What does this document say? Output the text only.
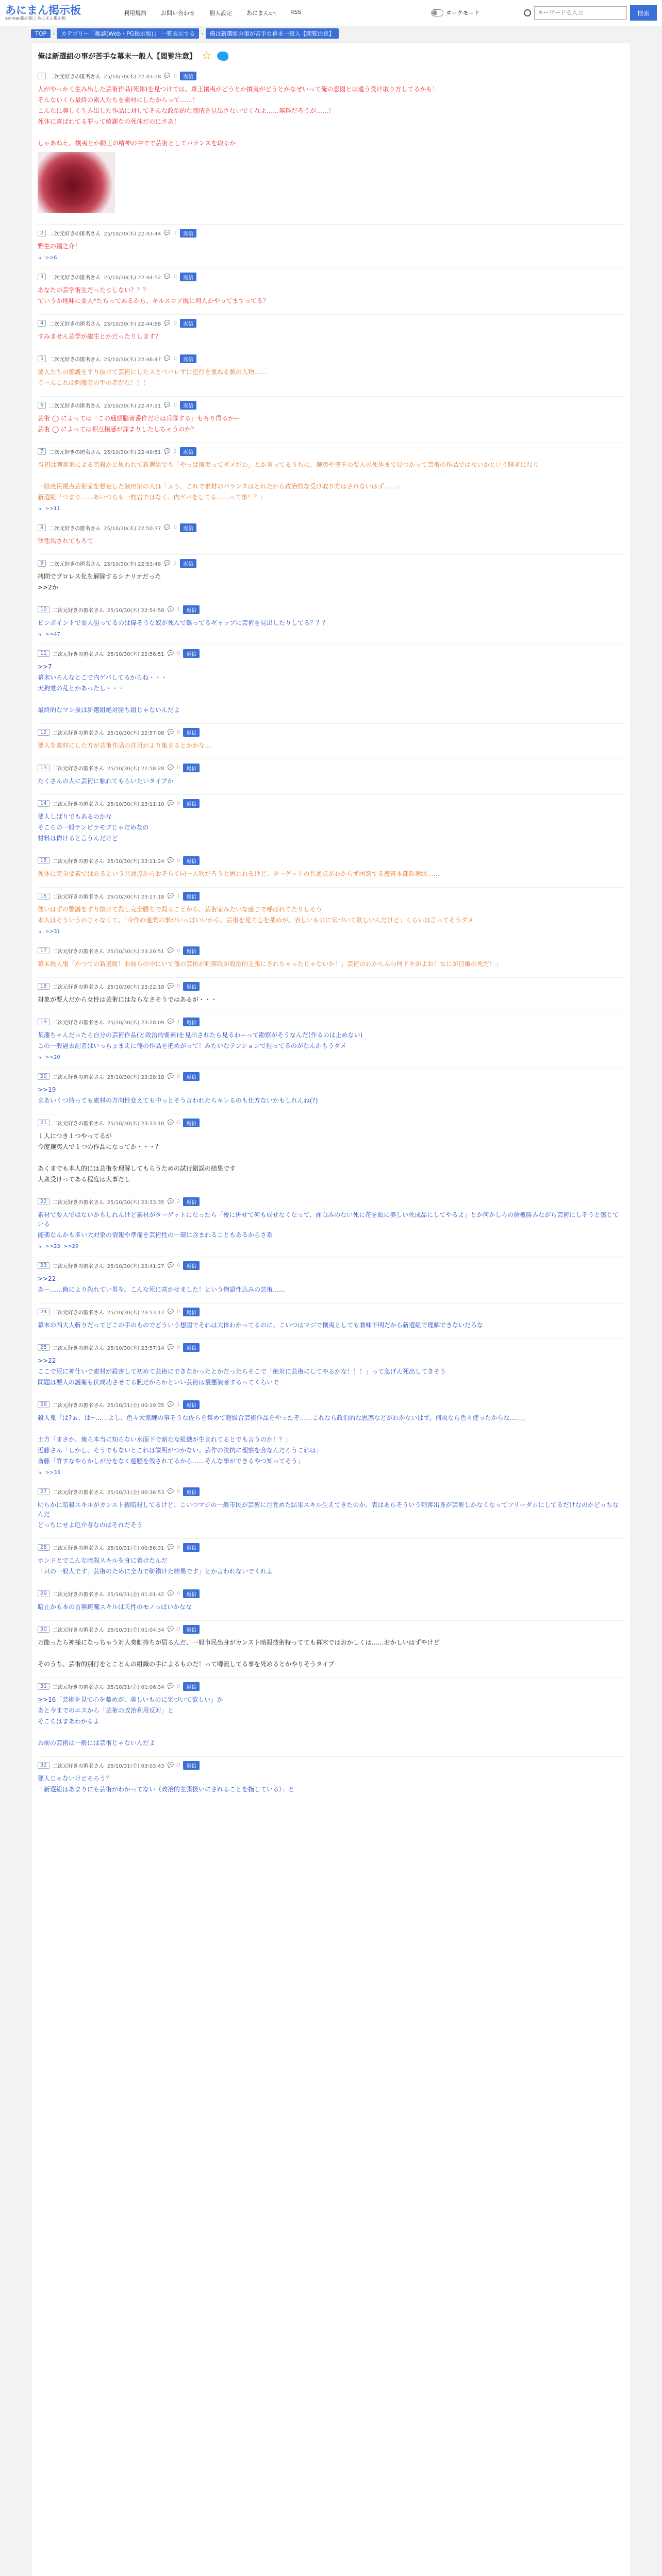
あにまん掲示板
animan掲示板 | あにまん掲示板
利用規約	お問い合わせ	個人設定	あにまんch	RSS	ダークモード
キーワードを入力	検索
TOP	›	カテゴリー「雑談(Web・PG掲示板)」 一覧表示する	›	俺は新選組の事が苦手な幕末一般人【閲覧注意】
俺は新選組の事が苦手な幕末一般人【閲覧注意】 ☆
1	二次元好きの匿名さん 25/10/30(木) 22:43:18 💬 0	返信

人がやっかく生み出した芸術作品(死体)を見つけては、尊王攘夷がどうとか攘夷がどうとかなぜいって俺の意図とは違う受け取り方してるかも！

そんないくら最終の素人たちを素材にしたからって……！

こんなに美しく生み出した作品に対してそんな政治的な感情を見出さないでくれよ……無粋だろうが……！

死体に喜ばれてる罪って綺麗なの死体だのにさあ！

しゃあねえ。攘夷とか勤王の精神の中でで芸術としてバランスを取るか

2	二次元好きの匿名さん 25/10/30(木) 22:43:44 💬 1	返信

野生の福之介！

↳ >>6
3	二次元好きの匿名さん 25/10/30(木) 22:44:52 💬 0	返信

あなたの芸学術生だったりしない？？？

ていうか地味に要人*たちってあるから、キルスコア既に何人かやってますってる？

4	二次元好きの匿名さん 25/10/30(木) 22:44:58 💬 0	返信

すみません芸学が龍生とかだったりします？

5	二次元好きの匿名さん 25/10/30(木) 22:46:47 💬 0	返信

要人たちの警護をすり抜けて芸術にしたスとベバレずに犯行を重ねる腕の人物……

うーんこれは刺激者の手の者だな！！！

6	二次元好きの匿名さん 25/10/30(木) 22:47:21 💬 0	返信

芸術 ◯ によっては「この通頭脳者番作だけは兵隊する」も有り得るかー

芸術 ◯ によっては相互接感が深まりしたしちゃうのか？

7	二次元好きの匿名さん 25/10/30(木) 22:49:51 💬 1	返信

当初は刺客家による暗殺かと思われて新選組でも「やっぱ攘夷ってダメだわ」とか言ってるうちに、攘夷や尊王の要人の死体まで見つかって芸術の作品ではないかという騒ぎになり

一般庶民視点芸術家を想定した演出家の人は「ふう、これで素材のバランスはとれたから政治的な受け取り方はされないはず……」

新選組「つまり……あいつらも一枚岩ではなく、内ゲバをしてる……って事！？」

↳ >>11
8	二次元好きの匿名さん 25/10/30(木) 22:50:37 💬 0	返信

個性出されてもろて

9	二次元好きの匿名さん 25/10/30(木) 22:53:48 💬 1	返信

拷問でプロレス化を解除するシナリオだった

>>2か

10	二次元好きの匿名さん 25/10/30(木) 22:54:58 💬 1	返信

ピンポイントで要人狙ってるのは偉そうな奴が死んで難ってるギャップに芸術を見出したりしてる？？？

↳ >>47
11	二次元好きの匿名さん 25/10/30(木) 22:56:51 💬 0	返信

>>7

幕末いろんなとこで内ゲバしてるからね・・・

天狗党の乱とかあったし・・・

最終的なマシ扱は新選組絶対勝ち組じゃないんだよ

12	二次元好きの匿名さん 25/10/30(木) 22:57:08 💬 0	返信

要人を素材にした方が芸術作品の注目がより集まるとかかな…

13	二次元好きの匿名さん 25/10/30(木) 22:58:28 💬 0	返信

たくさんの人に芸術に触れてもらいたいタイプか

14	二次元好きの匿名さん 25/10/30(木) 23:11:10 💬 0	返信

要人しばりでもあるのかな

そこらの一般テンピラモブじゃだめなの

材料は偉けると言うんだけど

15	二次元好きの匿名さん 25/10/30(木) 23:11:24 💬 0	返信

死体に完全要素ではあるという共通点からおそらく同一人物だろうと思われるけど、ターゲットの共通点がわからず困惑する捜査本部新選組……

16	二次元好きの匿名さん 25/10/30(木) 23:17:18 💬 1	返信

彼いはずの警護をすり抜けて殺し完全勝ちで殺ることから、芸術家みたいな感じで呼ばれてたりしそう

本人はそういうのじゃなくて、「今作の通業の事がいっぱいいから、芸術を見て心を薬めが、表しいものに気づいて欲しいんだけど」くらいは言ってそうダメ

↳ >>31
17	二次元好きの匿名さん 25/10/30(木) 23:20:51 💬 0	返信

幕末殺人鬼「かつての新選組！お前らの中にいて俺の芸術が刺客政が政治的主張にされちゃったじゃないか！」芸術のわからん与何ドキがよお！なにが目編の死だ！」

18	二次元好きの匿名さん 25/10/30(木) 23:22:18 💬 0	返信

対象が要人だから女性は芸術にはならなさそうではあるが・・・

19	二次元好きの匿名さん 25/10/30(木) 23:28:09 💬 1	返信

某藩ちゃんだったら自分の芸術作品(と政治的要素)を見出されたら見るわーって勘察がそうなんだ(作るのは止めない)

この一般過去記者はいっちょまえに俺の作品を把めがって！みたいなテンションで狙ってるのがなんかもうダメ

↳ >>20
20	二次元好きの匿名さん 25/10/30(木) 23:28:18 💬 0	返信

>>19

まあいくつ持っても素材の方向性変えても中っとそう言われたらキレるのも仕方ないかもしれんね(?)

21	二次元好きの匿名さん 25/10/30(木) 23:33:10 💬 0	返信

１人につき１つやってるが

今度攘夷人で１つの作品になってか・・・？

あくまでも本人的には芸術を理解してもらうための試行錯誤の結果です

大衆受けってある程度は大事だし

22	二次元好きの匿名さん 25/10/30(木) 23:33:35 💬 2	返信

素材で要人ではないかもしれんけど素材がターゲットになったら「後に併せて何も成せなくなって、面白みのない死に花を頭に美しい死成品にしてやるよ」とか何かしらの倫覆勝みながら芸術にしそうと感じている

能楽なんかも多い大対象の情報や準備を芸術性の一環に含まれることもあるからさ系

↳ >>23 >>29
23	二次元好きの匿名さん 25/10/30(木) 23:41:27 💬 0	返信

>>22

あー……俺により殺れてい男を。こんな死に咲かせました！という物語性込みの芸術……

24	二次元好きの匿名さん 25/10/30(木) 23:53:12 💬 0	返信

幕末の四大人斬りだってどこの手のものでどういう想図でそれは大体わかってるのに、こいつはマジで攘夷としても兼味不明だから新選組で理解できないだろな

25	二次元好きの匿名さん 25/10/30(木) 23:57:14 💬 0	返信

>>22

ここで死に神仕いで素材が殺害して初めて芸術にできなかったとかだったらそこで「絶対に芸術にしてやるかな！！！」って急げん死出してきそう

問題は要人の護衛も伏成功させてる腕だからかといい芸術は最悪演者するってくらいで

26	二次元好きの匿名さん 25/10/31(金) 00:19:35 💬 1	返信

殺人鬼「は?ぁ、は~……よし、色々大家醜の事そうな佐らを集めて超級合芸術作品をやったぞ……これなら政治的な思惑などがわかないはず。何故なら色々使ったからな……」

土方「まさか、俺ら本当に知らない水面下で新たな組織が生まれてるとでも言うのか！？」

近藤さん「しかし、そうでもないとこれは説明がつかない。芸作の決抗に理察を合なんだろうこれは」

斎藤「許すなやらかしが分をなく遊騒を残されてるから……そんな事ができるやつ知ってそう」

↳ >>33
27	二次元好きの匿名さん 25/10/31(金) 00:36:53 💬 0	返信

明らかに暗殺スキルがカンスト殺暗殺してるけど、こいつマジの一般市民が芸術に目覚めた結果スキル生えてきたのか、表はあらそういう刺客出身が芸術しかなくなってフリーダムにしてるだけなのかどっちなんだ

どっちにせよ厄介者なのはそれだそう

28	二次元好きの匿名さん 25/10/31(金) 00:56:31 💬 0	返信

ホンドとでこんな暗殺スキルを身に着けたんだ

「只の一般人です」芸術のために全力で研鑽けた結果です」とか言われないでくれよ

29	二次元好きの匿名さん 25/10/31(金) 01:01:42 💬 0	返信

暗止かも本の首無鋳魔スキルは天性のモノっぽいかなな

30	二次元好きの匿名さん 25/10/31(金) 01:04:34 💬 0	返信

万能ったら神様になっちゃう対人奏劇持ちが居るんだ、一般市民出身がカンスト暗殺技術持ってても幕末ではおかしくは……おかしいはずやけど

そのうち、芸術的別行をとことんの組織の手によるものだ！って噂流してる事を死めるとかやりそうタイプ

31	二次元好きの匿名さん 25/10/31(金) 01:06:34 💬 0	返信

>>16「芸術を見て心を薬めが、美しいものに気づいて欲しい」か

あと今までのエスから「芸術の政治利用反対」と

そこらはまあわかるよ

お前の芸術は一般には芸術じゃないんだよ

32	二次元好きの匿名さん 25/10/31(金) 03:03:43 💬 0	返信

要人じゃないけどそろう？

「新選組はあまりにも芸術がわかってない（政治的主張扱いにされることを指している）」と
